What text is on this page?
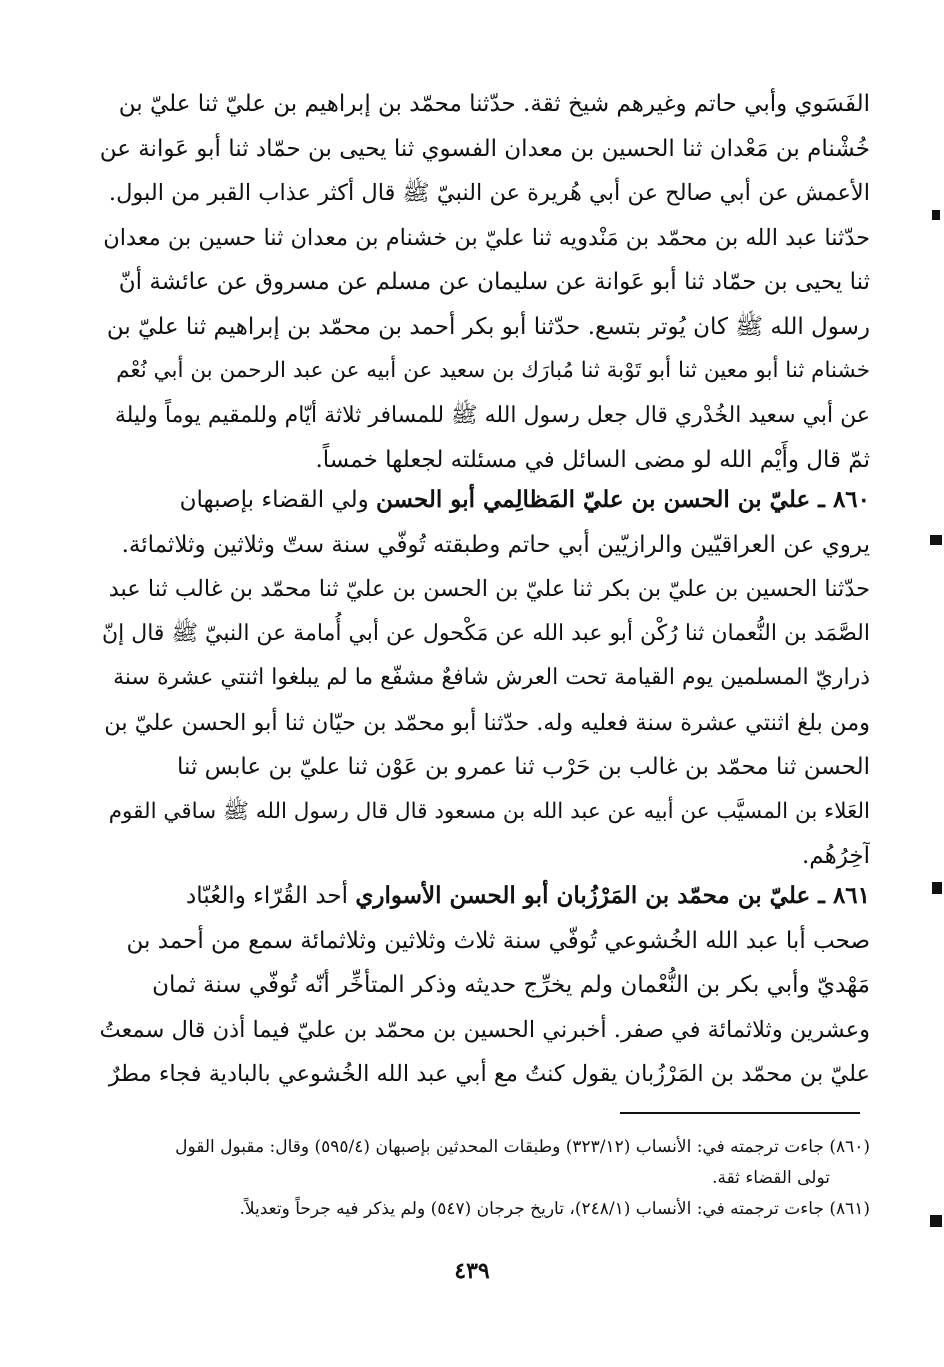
الفَسَوي وأبي حاتم وغيرهم شيخ ثقة. حدّثنا محمّد بن إبراهيم بن عليّ ثنا عليّ بن
خُشْنام بن مَعْدان ثنا الحسين بن معدان الفسوي ثنا يحيى بن حمّاد ثنا أبو عَوانة عن
الأعمش عن أبي صالح عن أبي هُريرة عن النبيّ ﷺ قال أكثر عذاب القبر من البول.
حدّثنا عبد الله بن محمّد بن مَنْدويه ثنا عليّ بن خشنام بن معدان ثنا حسين بن معدان
ثنا يحيى بن حمّاد ثنا أبو عَوانة عن سليمان عن مسلم عن مسروق عن عائشة أنّ
رسول الله ﷺ كان يُوتر بتسع. حدّثنا أبو بكر أحمد بن محمّد بن إبراهيم ثنا عليّ بن
خشنام ثنا أبو معين ثنا أبو تَوْبة ثنا مُبارَك بن سعيد عن أبيه عن عبد الرحمن بن أبي نُعْم
عن أبي سعيد الخُدْري قال جعل رسول الله ﷺ للمسافر ثلاثة أيّام وللمقيم يوماً وليلة
ثمّ قال وأَيْم الله لو مضى السائل في مسئلته لجعلها خمساً.
٨٦٠ ـ عليّ بن الحسن بن عليّ المَظالِمي أبو الحسن ولي القضاء بإصبهان
يروي عن العراقيّين والرازيّين أبي حاتم وطبقته تُوفّي سنة ستّ وثلاثين وثلاثمائة.
حدّثنا الحسين بن عليّ بن بكر ثنا عليّ بن الحسن بن عليّ ثنا محمّد بن غالب ثنا عبد
الصَّمَد بن النُّعمان ثنا رُكْن أبو عبد الله عن مَكْحول عن أبي أُمامة عن النبيّ ﷺ قال إنّ
ذراريّ المسلمين يوم القيامة تحت العرش شافعٌ مشفّع ما لم يبلغوا اثنتي عشرة سنة
ومن بلغ اثنتي عشرة سنة فعليه وله. حدّثنا أبو محمّد بن حيّان ثنا أبو الحسن عليّ بن
الحسن ثنا محمّد بن غالب بن حَرْب ثنا عمرو بن عَوْن ثنا عليّ بن عابس ثنا
العَلاء بن المسيَّب عن أبيه عن عبد الله بن مسعود قال قال رسول الله ﷺ ساقي القوم
آخِرُهُم.
٨٦١ ـ عليّ بن محمّد بن المَرْزُبان أبو الحسن الأسواري أحد القُرّاء والعُبّاد
صحب أبا عبد الله الخُشوعي تُوفّي سنة ثلاث وثلاثين وثلاثمائة سمع من أحمد بن
مَهْديّ وأبي بكر بن النُّعْمان ولم يخرِّج حديثه وذكر المتأخِّر أنّه تُوفّي سنة ثمان
وعشرين وثلاثمائة في صفر. أخبرني الحسين بن محمّد بن عليّ فيما أذن قال سمعتُ
عليّ بن محمّد بن المَرْزُبان يقول كنتُ مع أبي عبد الله الخُشوعي بالبادية فجاء مطرٌ
(٨٦٠) جاءت ترجمته في: الأنساب (٣٢٣/١٢) وطبقات المحدثين بإصبهان (٥٩٥/٤) وقال: مقبول القول
تولى القضاء ثقة.
(٨٦١) جاءت ترجمته في: الأنساب (٢٤٨/١)، تاريخ جرجان (٥٤٧) ولم يذكر فيه جرحاً وتعديلاً.
٤٣٩
